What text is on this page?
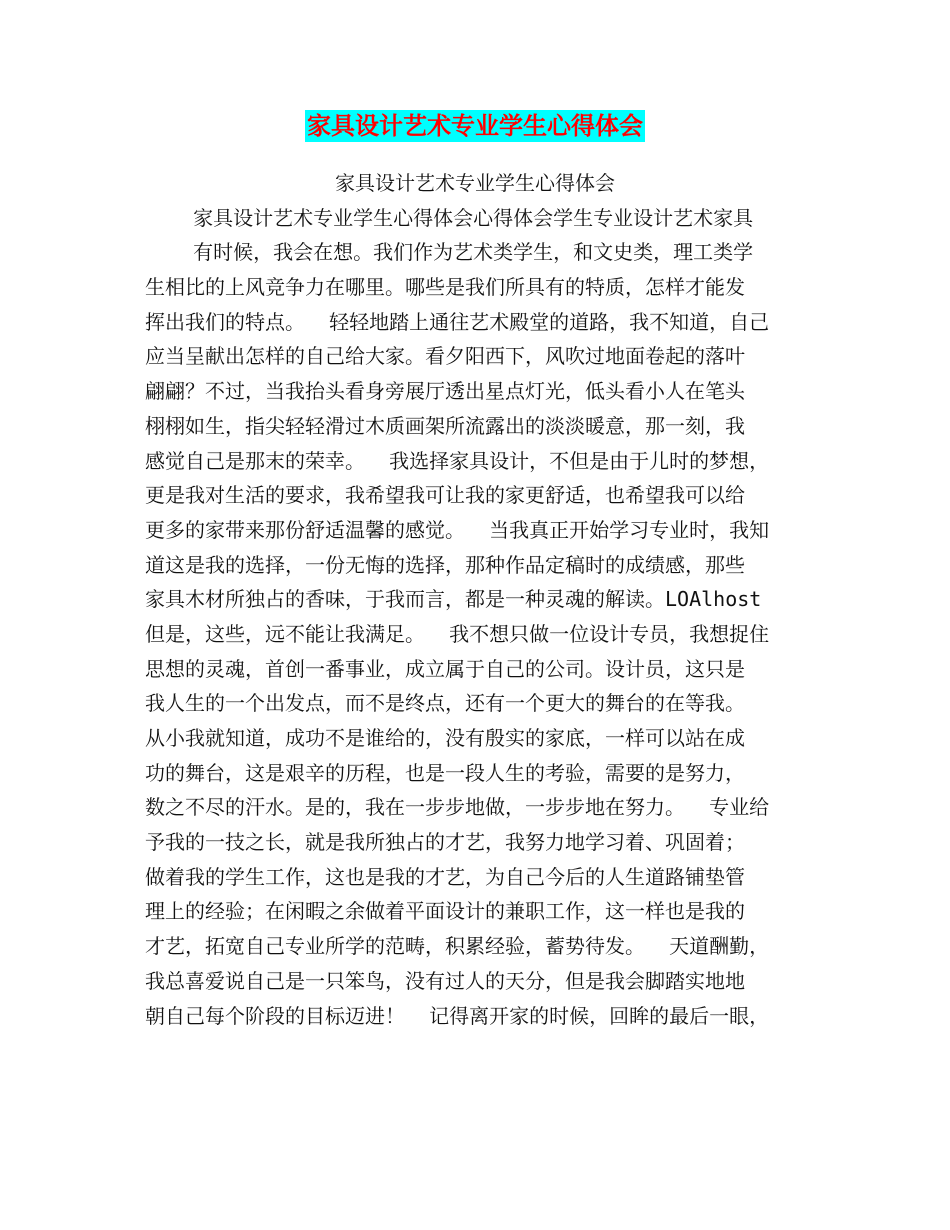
家具设计艺术专业学生心得体会
家具设计艺术专业学生心得体会
家具设计艺术专业学生心得体会心得体会学生专业设计艺术家具
有时候，我会在想。我们作为艺术类学生，和文史类，理工类学
生相比的上风竞争力在哪里。哪些是我们所具有的特质，怎样才能发
挥出我们的特点。  轻轻地踏上通往艺术殿堂的道路，我不知道，自己
应当呈献出怎样的自己给大家。看夕阳西下，风吹过地面卷起的落叶
翩翩？不过，当我抬头看身旁展厅透出星点灯光，低头看小人在笔头
栩栩如生，指尖轻轻滑过木质画架所流露出的淡淡暖意，那一刻，我
感觉自己是那末的荣幸。  我选择家具设计，不但是由于儿时的梦想，
更是我对生活的要求，我希望我可让我的家更舒适，也希望我可以给
更多的家带来那份舒适温馨的感觉。  当我真正开始学习专业时，我知
道这是我的选择，一份无悔的选择，那种作品定稿时的成绩感，那些
家具木材所独占的香味，于我而言，都是一种灵魂的解读。LOAlhost
但是，这些，远不能让我满足。  我不想只做一位设计专员，我想捉住
思想的灵魂，首创一番事业，成立属于自己的公司。设计员，这只是
我人生的一个出发点，而不是终点，还有一个更大的舞台的在等我。
从小我就知道，成功不是谁给的，没有殷实的家底，一样可以站在成
功的舞台，这是艰辛的历程，也是一段人生的考验，需要的是努力，
数之不尽的汗水。是的，我在一步步地做，一步步地在努力。  专业给
予我的一技之长，就是我所独占的才艺，我努力地学习着、巩固着；
做着我的学生工作，这也是我的才艺，为自己今后的人生道路铺垫管
理上的经验；在闲暇之余做着平面设计的兼职工作，这一样也是我的
才艺，拓宽自己专业所学的范畴，积累经验，蓄势待发。  天道酬勤，
我总喜爱说自己是一只笨鸟，没有过人的天分，但是我会脚踏实地地
朝自己每个阶段的目标迈进！  记得离开家的时候，回眸的最后一眼，
